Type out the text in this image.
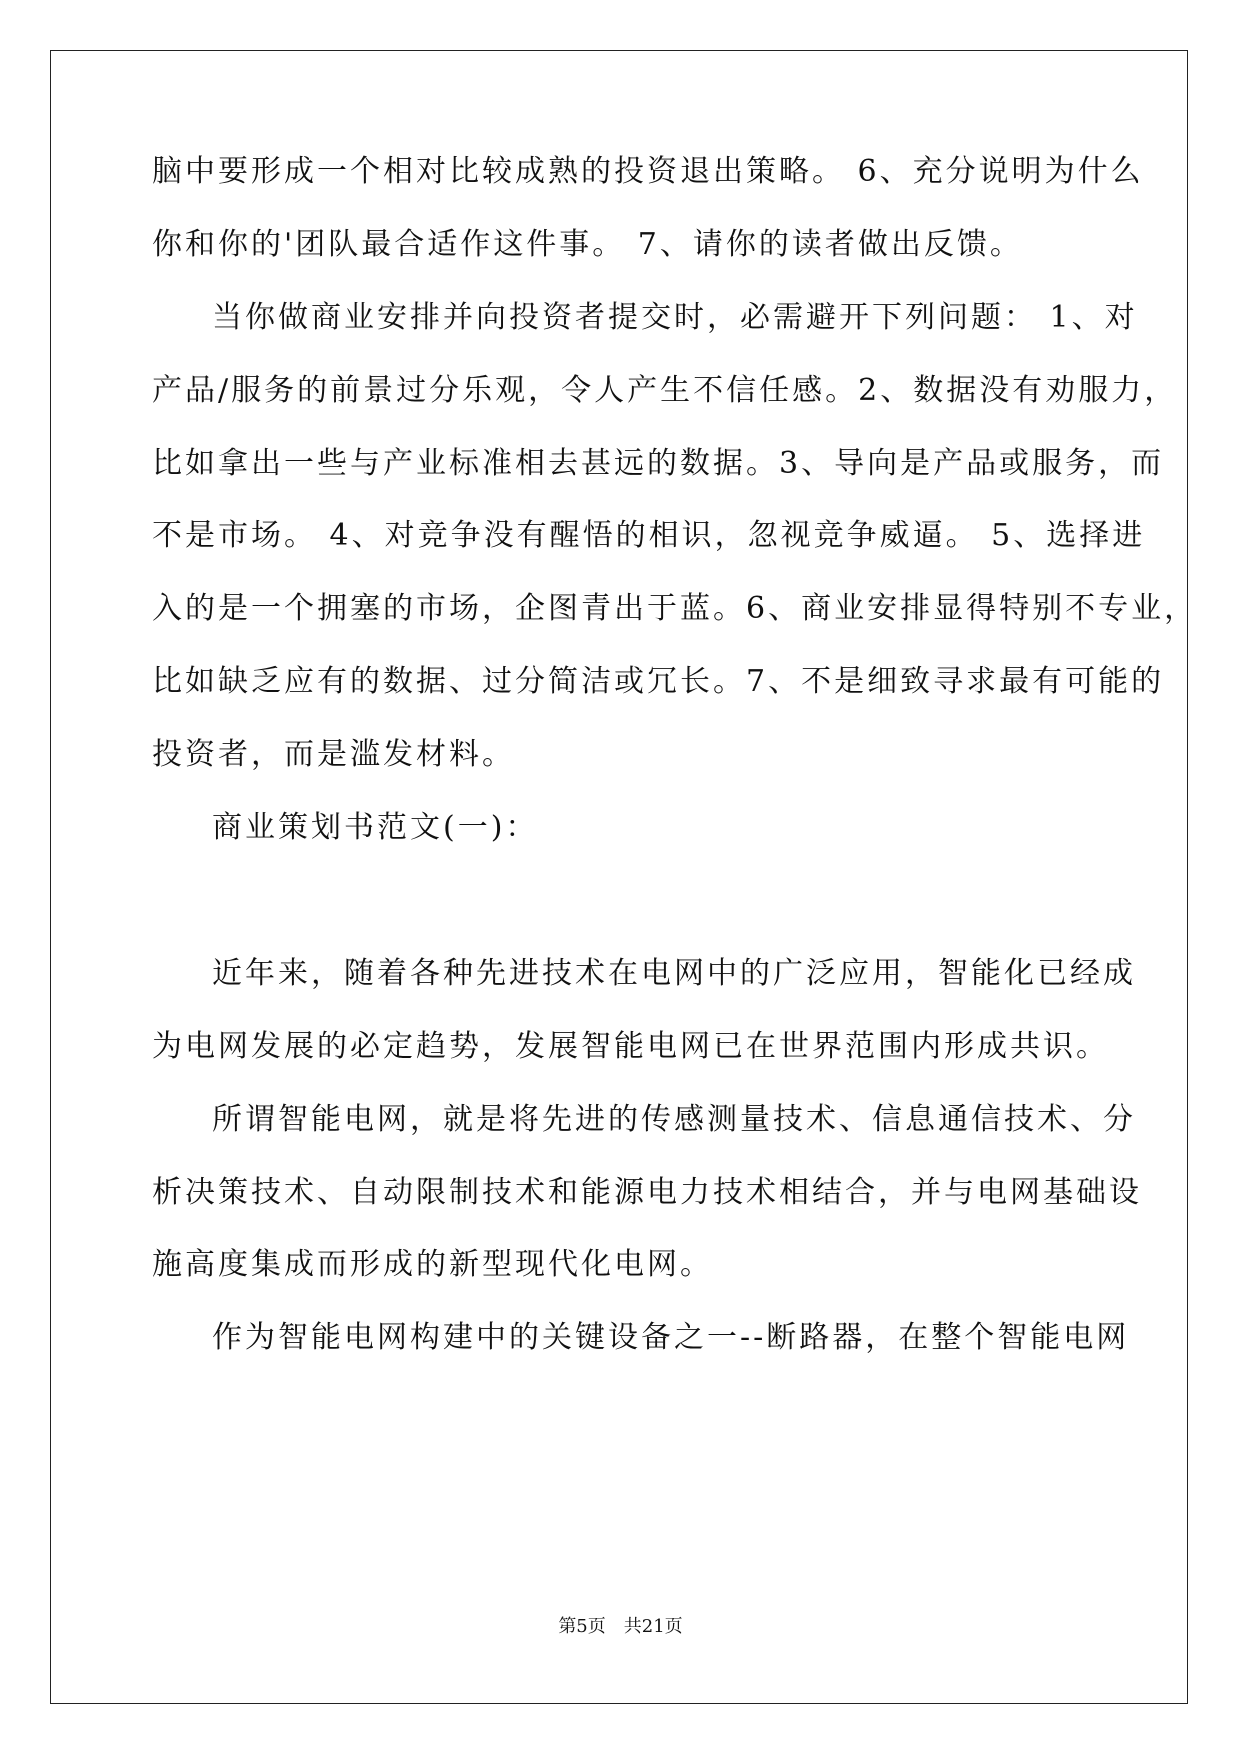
脑中要形成一个相对比较成熟的投资退出策略。 6、充分说明为什么
你和你的'团队最合适作这件事。 7、请你的读者做出反馈。
当你做商业安排并向投资者提交时，必需避开下列问题： 1、对
产品/服务的前景过分乐观，令人产生不信任感。2、数据没有劝服力，
比如拿出一些与产业标准相去甚远的数据。3、导向是产品或服务，而
不是市场。 4、对竞争没有醒悟的相识，忽视竞争威逼。 5、选择进
入的是一个拥塞的市场，企图青出于蓝。6、商业安排显得特别不专业，
比如缺乏应有的数据、过分简洁或冗长。7、不是细致寻求最有可能的
投资者，而是滥发材料。
商业策划书范文(一)：
近年来，随着各种先进技术在电网中的广泛应用，智能化已经成
为电网发展的必定趋势，发展智能电网已在世界范围内形成共识。
所谓智能电网，就是将先进的传感测量技术、信息通信技术、分
析决策技术、自动限制技术和能源电力技术相结合，并与电网基础设
施高度集成而形成的新型现代化电网。
作为智能电网构建中的关键设备之一--断路器，在整个智能电网
第5页 共21页
